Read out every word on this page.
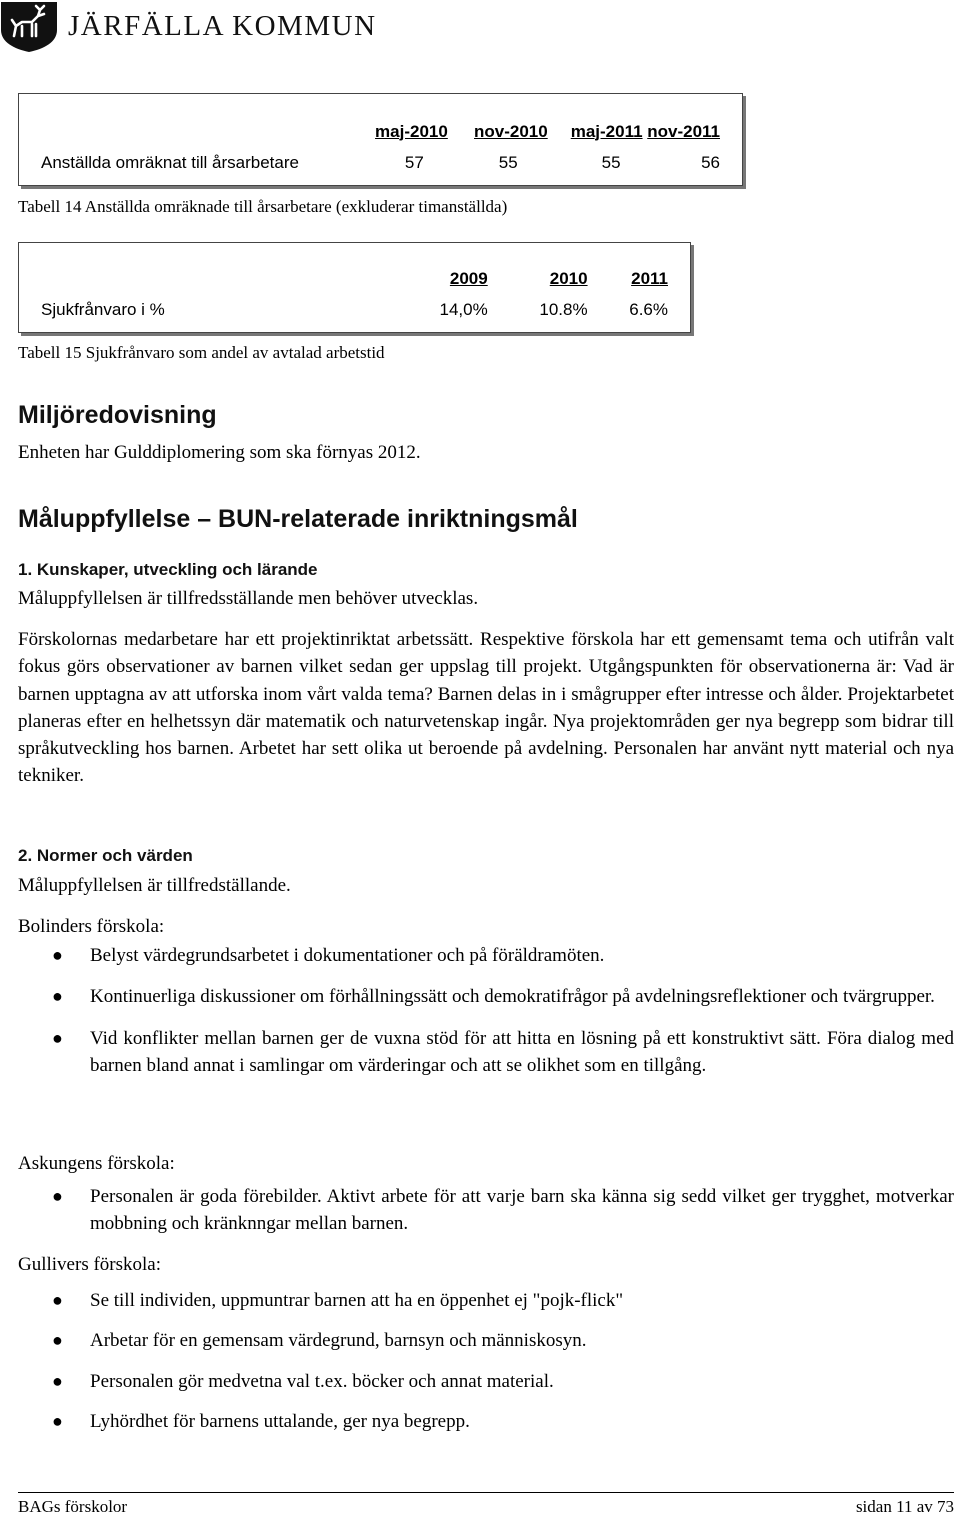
JÄRFÄLLA KOMMUN
	maj-2010	nov-2010	maj-2011	nov-2011
Anställda omräknat till årsarbetare	57	55	55	56
Tabell 14 Anställda omräknade till årsarbetare (exkluderar timanställda)
	2009	2010	2011
Sjukfrånvaro i %	14,0%	10.8%	6.6%
Tabell 15 Sjukfrånvaro som andel av avtalad arbetstid
Miljöredovisning
Enheten har Gulddiplomering som ska förnyas 2012.
Måluppfyllelse – BUN-relaterade inriktningsmål
1. Kunskaper, utveckling och lärande
Måluppfyllelsen är tillfredsställande men behöver utvecklas.
Förskolornas medarbetare har ett projektinriktat arbetssätt. Respektive förskola har ett gemensamt tema och utifrån valt fokus görs observationer av barnen vilket sedan ger uppslag till projekt. Utgångspunkten för observationerna är: Vad är barnen upptagna av att utforska inom vårt valda tema? Barnen delas in i smågrupper efter intresse och ålder. Projektarbetet planeras efter en helhetssyn där matematik och naturvetenskap ingår. Nya projektområden ger nya begrepp som bidrar till språkutveckling hos barnen. Arbetet har sett olika ut beroende på avdelning. Personalen har använt nytt material och nya tekniker.
2. Normer och värden
Måluppfyllelsen är tillfredställande.
Bolinders förskola:
● Belyst värdegrundsarbetet i dokumentationer och på föräldramöten.
● Kontinuerliga diskussioner om förhållningssätt och demokratifrågor på avdelningsreflektioner och tvärgrupper.
● Vid konflikter mellan barnen ger de vuxna stöd för att hitta en lösning på ett konstruktivt sätt. Föra dialog med barnen bland annat i samlingar om värderingar och att se olikhet som en tillgång.
Askungens förskola:
● Personalen är goda förebilder. Aktivt arbete för att varje barn ska känna sig sedd vilket ger trygghet, motverkar mobbning och kränknngar mellan barnen.
Gullivers förskola:
● Se till individen, uppmuntrar barnen att ha en öppenhet ej "pojk-flick"
● Arbetar för en gemensam värdegrund, barnsyn och människosyn.
● Personalen gör medvetna val t.ex. böcker och annat material.
● Lyhördhet för barnens uttalande, ger nya begrepp.
BAGs förskolor	sidan 11 av 73
